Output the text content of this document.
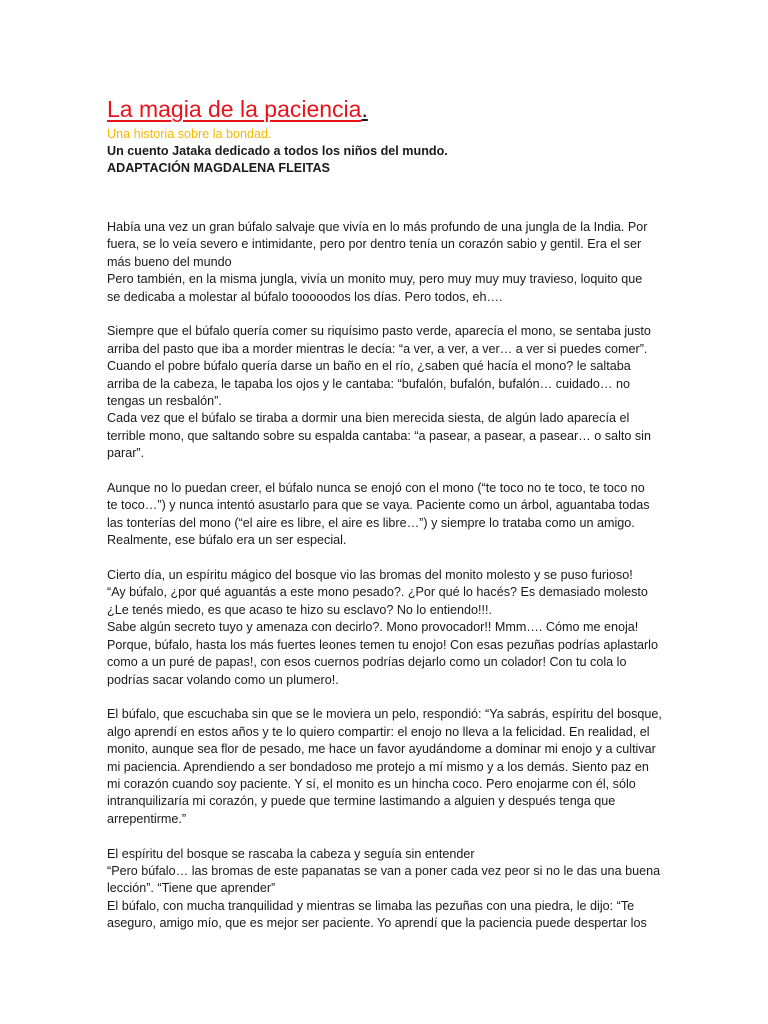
La magia de la paciencia.
Una historia sobre la bondad.
Un cuento Jataka dedicado a todos los niños del mundo.
ADAPTACIÓN MAGDALENA FLEITAS
Había una vez un gran búfalo salvaje que vivía en lo más profundo de una jungla de la India. Por
fuera, se lo veía severo e intimidante, pero por dentro tenía un corazón sabio y gentil. Era el ser
más bueno del mundo
Pero también, en la misma jungla, vivía un monito muy, pero muy muy muy travieso, loquito que
se dedicaba a molestar al búfalo tooooodos los días. Pero todos, eh….
Siempre que el búfalo quería comer su riquísimo pasto verde, aparecía el mono, se sentaba justo
arriba del pasto que iba a morder mientras le decía: “a ver, a ver, a ver… a ver si puedes comer”.
Cuando el pobre búfalo quería darse un baño en el río, ¿saben qué hacía el mono? le saltaba
arriba de la cabeza, le tapaba los ojos y le cantaba: “bufalón, bufalón, bufalón… cuidado… no
tengas un resbalón”.
Cada vez que el búfalo se tiraba a dormir una bien merecida siesta, de algún lado aparecía el
terrible mono, que saltando sobre su espalda cantaba: “a pasear, a pasear, a pasear… o salto sin
parar”.
Aunque no lo puedan creer, el búfalo nunca se enojó con el mono (“te toco no te toco, te toco no
te toco…”) y nunca intentó asustarlo para que se vaya. Paciente como un árbol, aguantaba todas
las tonterías del mono (“el aire es libre, el aire es libre…”) y siempre lo trataba como un amigo.
Realmente, ese búfalo era un ser especial.
Cierto día, un espíritu mágico del bosque vio las bromas del monito molesto y se puso furioso!
“Ay búfalo, ¿por qué aguantás a este mono pesado?. ¿Por qué lo hacés? Es demasiado molesto
¿Le tenés miedo, es que acaso te hizo su esclavo? No lo entiendo!!!.
Sabe algún secreto tuyo y amenaza con decirlo?. Mono provocador!! Mmm…. Cómo me enoja!
Porque, búfalo, hasta los más fuertes leones temen tu enojo! Con esas pezuñas podrías aplastarlo
como a un puré de papas!, con esos cuernos podrías dejarlo como un colador! Con tu cola lo
podrías sacar volando como un plumero!.
El búfalo, que escuchaba sin que se le moviera un pelo, respondió: “Ya sabrás, espíritu del bosque,
algo aprendí en estos años y te lo quiero compartir: el enojo no lleva a la felicidad. En realidad, el
monito, aunque sea flor de pesado, me hace un favor ayudándome a dominar mi enojo y a cultivar
mi paciencia. Aprendiendo a ser bondadoso me protejo a mí mismo y a los demás. Siento paz en
mi corazón cuando soy paciente. Y sí, el monito es un hincha coco. Pero enojarme con él, sólo
intranquilizaría mi corazón, y puede que termine lastimando a alguien y después tenga que
arrepentirme.”
El espíritu del bosque se rascaba la cabeza y seguía sin entender
“Pero búfalo… las bromas de este papanatas se van a poner cada vez peor si no le das una buena
lección”. “Tiene que aprender”
El búfalo, con mucha tranquilidad y mientras se limaba las pezuñas con una piedra, le dijo: “Te
aseguro, amigo mío, que es mejor ser paciente. Yo aprendí que la paciencia puede despertar los
